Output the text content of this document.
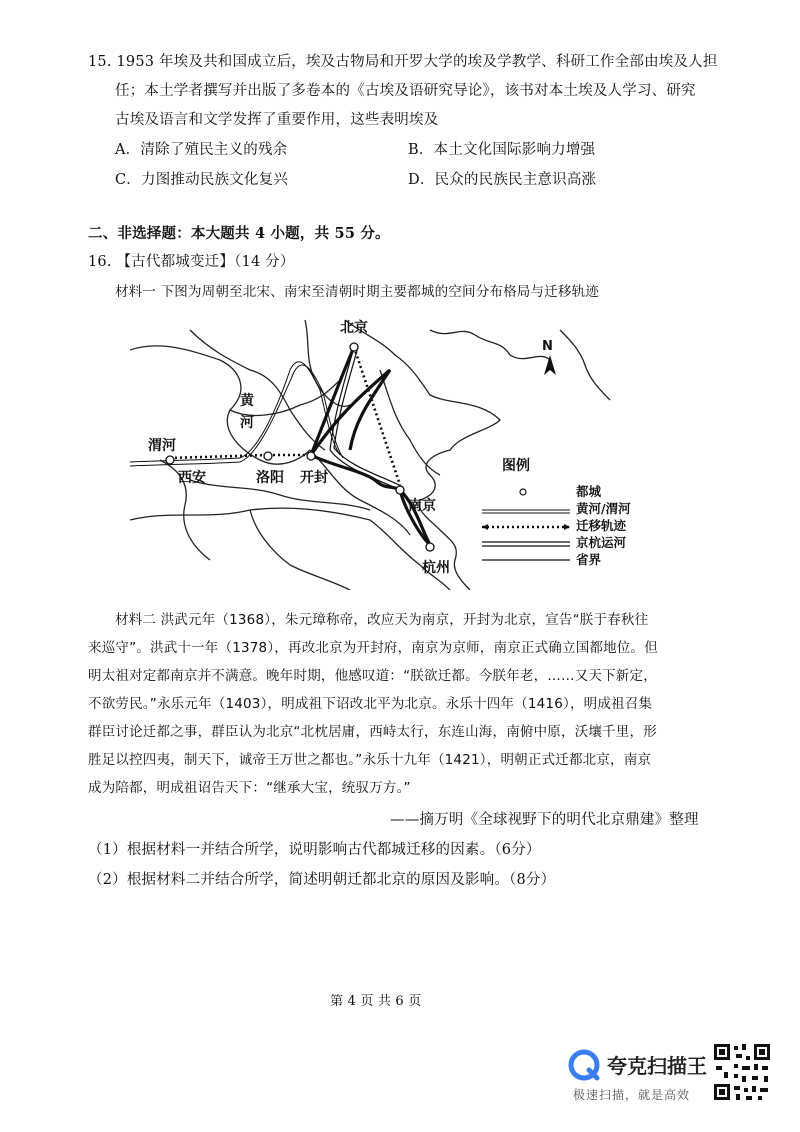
15. 1953 年埃及共和国成立后，埃及古物局和开罗大学的埃及学教学、科研工作全部由埃及人担
任；本土学者撰写并出版了多卷本的《古埃及语研究导论》，该书对本土埃及人学习、研究
古埃及语言和文学发挥了重要作用，这些表明埃及
A．清除了殖民主义的残余	B．本土文化国际影响力增强
C．力图推动民族文化复兴	D．民众的民族民主意识高涨
二、非选择题：本大题共 4 小题，共 55 分。
16. 【古代都城变迁】（14 分）
材料一 下图为周朝至北宋、南宋至清朝时期主要都城的空间分布格局与迁移轨迹
北京
西安	洛阳 开封
南京
杭州
黄
河
渭河
N
图例
都城
黄河/渭河
迁移轨迹
京杭运河
省界
材料二 洪武元年（1368），朱元璋称帝，改应天为南京，开封为北京，宣告“朕于春秋往
来巡守”。洪武十一年（1378），再改北京为开封府，南京为京师，南京正式确立国都地位。但
明太祖对定都南京并不满意。晚年时期，他感叹道：“朕欲迁都。今朕年老，……又天下新定，
不欲劳民。”永乐元年（1403），明成祖下诏改北平为北京。永乐十四年（1416），明成祖召集
群臣讨论迁都之事，群臣认为北京“北枕居庸，西峙太行，东连山海，南俯中原，沃壤千里，形
胜足以控四夷，制天下，诚帝王万世之都也。”永乐十九年（1421），明朝正式迁都北京，南京
成为陪都，明成祖诏告天下：“继承大宝，统驭万方。”
——摘万明《全球视野下的明代北京鼎建》整理
（1）根据材料一并结合所学，说明影响古代都城迁移的因素。（6分）
（2）根据材料二并结合所学，简述明朝迁都北京的原因及影响。（8分）
第 4 页 共 6 页
夸克扫描王
极速扫描，就是高效
